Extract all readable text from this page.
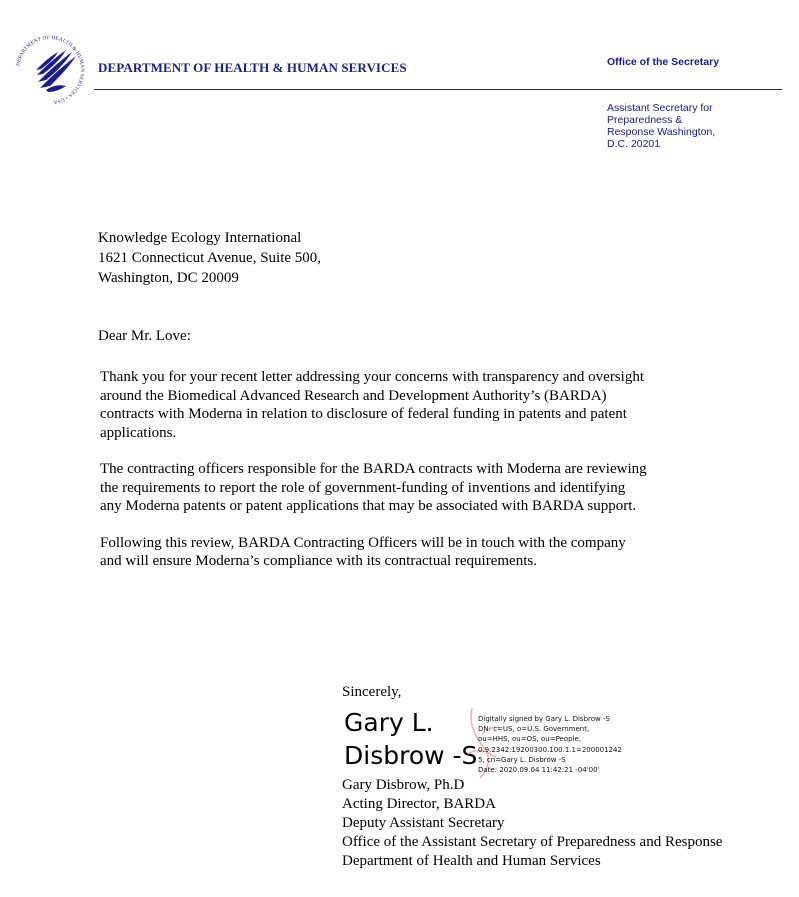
DEPARTMENT OF HEALTH & HUMAN SERVICES • USA
DEPARTMENT OF HEALTH & HUMAN SERVICES	Office of the Secretary
Assistant Secretary for
Preparedness &
Response Washington,
D.C. 20201
Knowledge Ecology International
1621 Connecticut Avenue, Suite 500,
Washington, DC 20009
Dear Mr. Love:
Thank you for your recent letter addressing your concerns with transparency and oversight
around the Biomedical Advanced Research and Development Authority’s (BARDA)
contracts with Moderna in relation to disclosure of federal funding in patents and patent
applications.
The contracting officers responsible for the BARDA contracts with Moderna are reviewing
the requirements to report the role of government-funding of inventions and identifying
any Moderna patents or patent applications that may be associated with BARDA support.
Following this review, BARDA Contracting Officers will be in touch with the company
and will ensure Moderna’s compliance with its contractual requirements.
Sincerely,
Gary L.
Disbrow -S
Digitally signed by Gary L. Disbrow -S
DN: c=US, o=U.S. Government,
ou=HHS, ou=OS, ou=People,
0.9.2342.19200300.100.1.1=200001242
5, cn=Gary L. Disbrow -S
Date: 2020.09.04 11:42:21 -04'00'
Gary Disbrow, Ph.D
Acting Director, BARDA
Deputy Assistant Secretary
Office of the Assistant Secretary of Preparedness and Response
Department of Health and Human Services
